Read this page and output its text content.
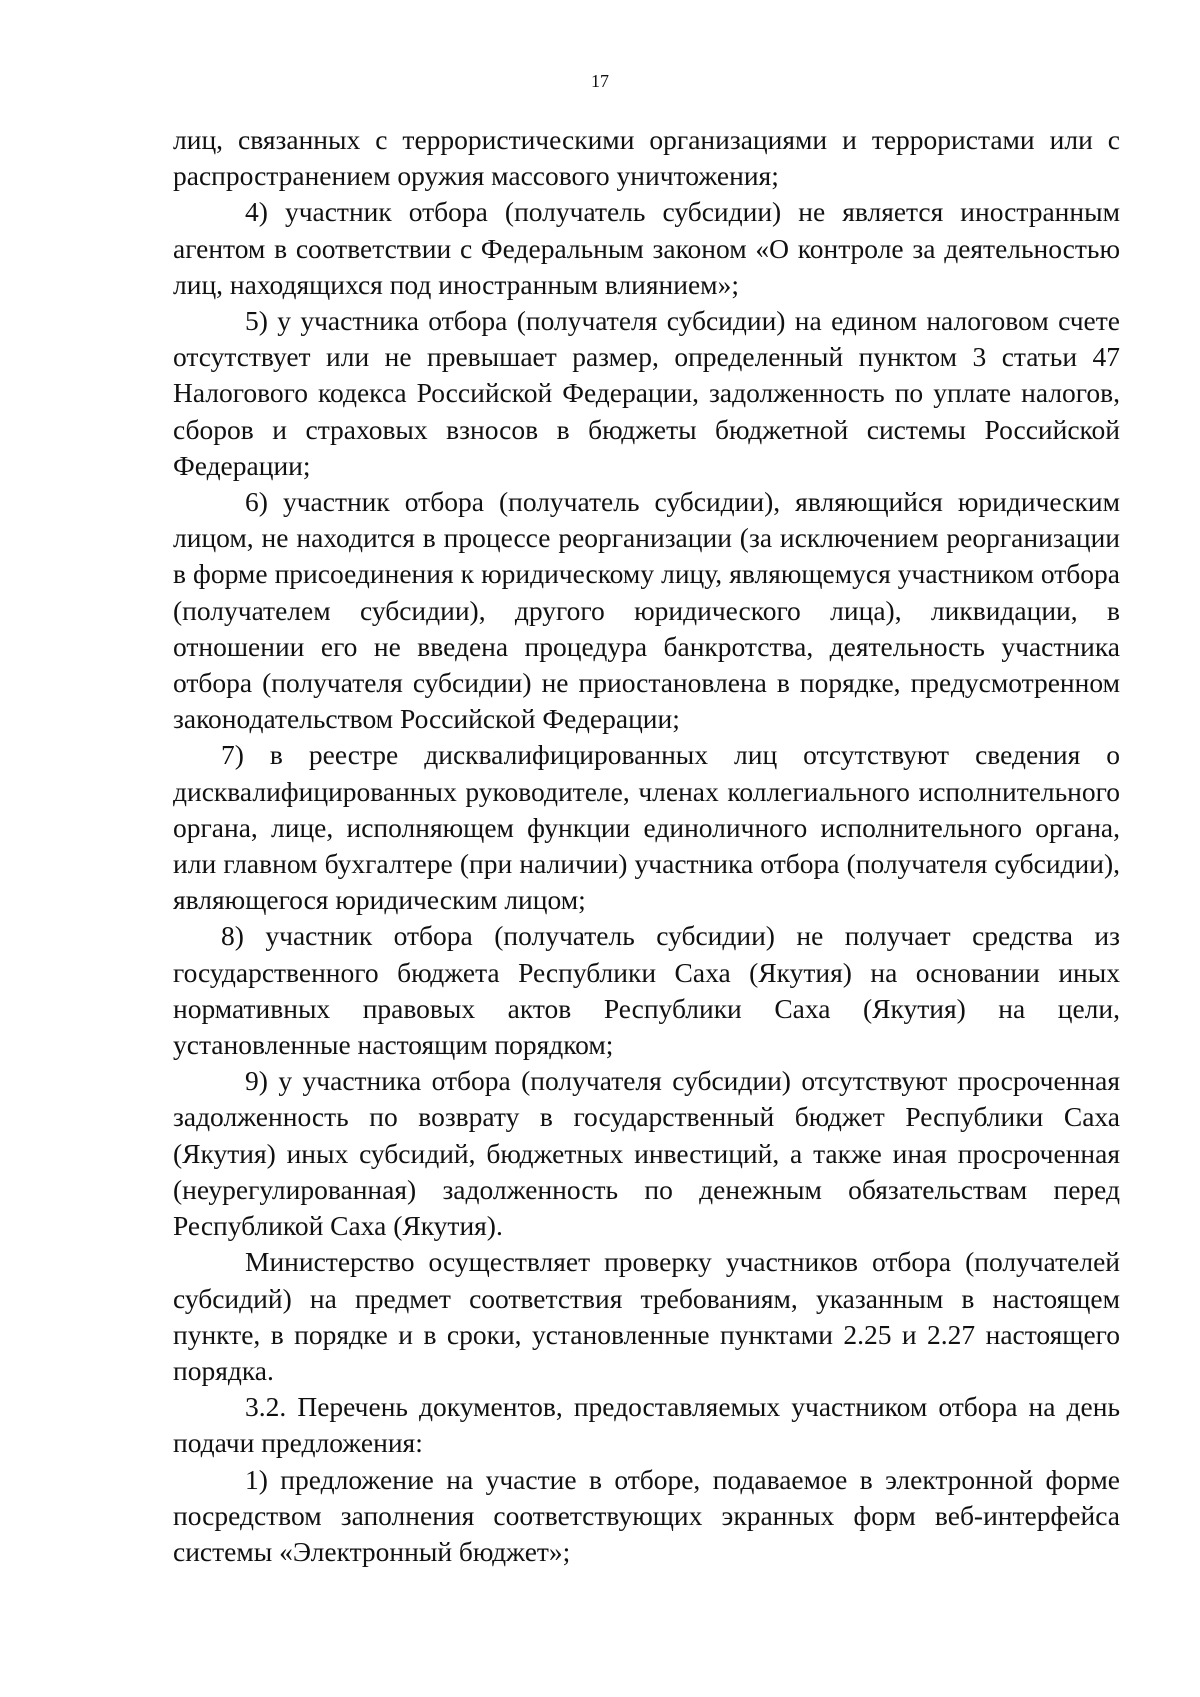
17

лиц, связанных с террористическими организациями и террористами или с распространением оружия массового уничтожения;

4) участник отбора (получатель субсидии) не является иностранным агентом в соответствии с Федеральным законом «О контроле за деятельностью лиц, находящихся под иностранным влиянием»;

5) у участника отбора (получателя субсидии) на едином налоговом счете отсутствует или не превышает размер, определенный пунктом 3 статьи 47 Налогового кодекса Российской Федерации, задолженность по уплате налогов, сборов и страховых взносов в бюджеты бюджетной системы Российской Федерации;

6) участник отбора (получатель субсидии), являющийся юридическим лицом, не находится в процессе реорганизации (за исключением реорганизации в форме присоединения к юридическому лицу, являющемуся участником отбора (получателем субсидии), другого юридического лица), ликвидации, в отношении его не введена процедура банкротства, деятельность участника отбора (получателя субсидии) не приостановлена в порядке, предусмотренном законодательством Российской Федерации;

7) в реестре дисквалифицированных лиц отсутствуют сведения о дисквалифицированных руководителе, членах коллегиального исполнительного органа, лице, исполняющем функции единоличного исполнительного органа, или главном бухгалтере (при наличии) участника отбора (получателя субсидии), являющегося юридическим лицом;

8) участник отбора (получатель субсидии) не получает средства из государственного бюджета Республики Саха (Якутия) на основании иных нормативных правовых актов Республики Саха (Якутия) на цели, установленные настоящим порядком;

9) у участника отбора (получателя субсидии) отсутствуют просроченная задолженность по возврату в государственный бюджет Республики Саха (Якутия) иных субсидий, бюджетных инвестиций, а также иная просроченная (неурегулированная) задолженность по денежным обязательствам перед Республикой Саха (Якутия).

Министерство осуществляет проверку участников отбора (получателей субсидий) на предмет соответствия требованиям, указанным в настоящем пункте, в порядке и в сроки, установленные пунктами 2.25 и 2.27 настоящего порядка.

3.2. Перечень документов, предоставляемых участником отбора на день подачи предложения:

1) предложение на участие в отборе, подаваемое в электронной форме посредством заполнения соответствующих экранных форм веб-интерфейса системы «Электронный бюджет»;
